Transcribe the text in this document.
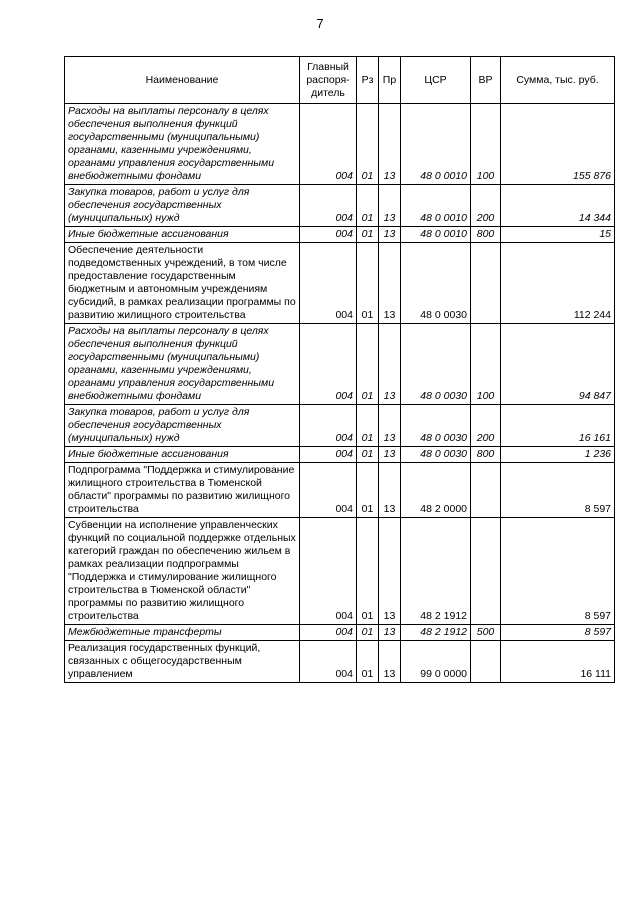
7
Наименование	Главный распоря-дитель	Рз	Пр	ЦСР	ВР	Сумма, тыс. руб.
Расходы на выплаты персоналу в целях обеспечения выполнения функций государственными (муниципальными) органами, казенными учреждениями, органами управления государственными внебюджетными фондами	004	01	13	48 0 0010	100	155 876
Закупка товаров, работ и услуг для обеспечения государственных (муниципальных) нужд	004	01	13	48 0 0010	200	14 344
Иные бюджетные ассигнования	004	01	13	48 0 0010	800	15
Обеспечение деятельности подведомственных учреждений, в том числе предоставление государственным бюджетным и автономным учреждениям субсидий, в рамках реализации программы по развитию жилищного строительства	004	01	13	48 0 0030		112 244
Расходы на выплаты персоналу в целях обеспечения выполнения функций государственными (муниципальными) органами, казенными учреждениями, органами управления государственными внебюджетными фондами	004	01	13	48 0 0030	100	94 847
Закупка товаров, работ и услуг для обеспечения государственных (муниципальных) нужд	004	01	13	48 0 0030	200	16 161
Иные бюджетные ассигнования	004	01	13	48 0 0030	800	1 236
Подпрограмма "Поддержка и стимулирование жилищного строительства в Тюменской области" программы по развитию жилищного строительства	004	01	13	48 2 0000		8 597
Субвенции на исполнение управленческих функций по социальной поддержке отдельных категорий граждан по обеспечению жильем в рамках реализации подпрограммы "Поддержка и стимулирование жилищного строительства в Тюменской области" программы по развитию жилищного строительства	004	01	13	48 2 1912		8 597
Межбюджетные трансферты	004	01	13	48 2 1912	500	8 597
Реализация государственных функций, связанных с общегосударственным управлением	004	01	13	99 0 0000		16 111
